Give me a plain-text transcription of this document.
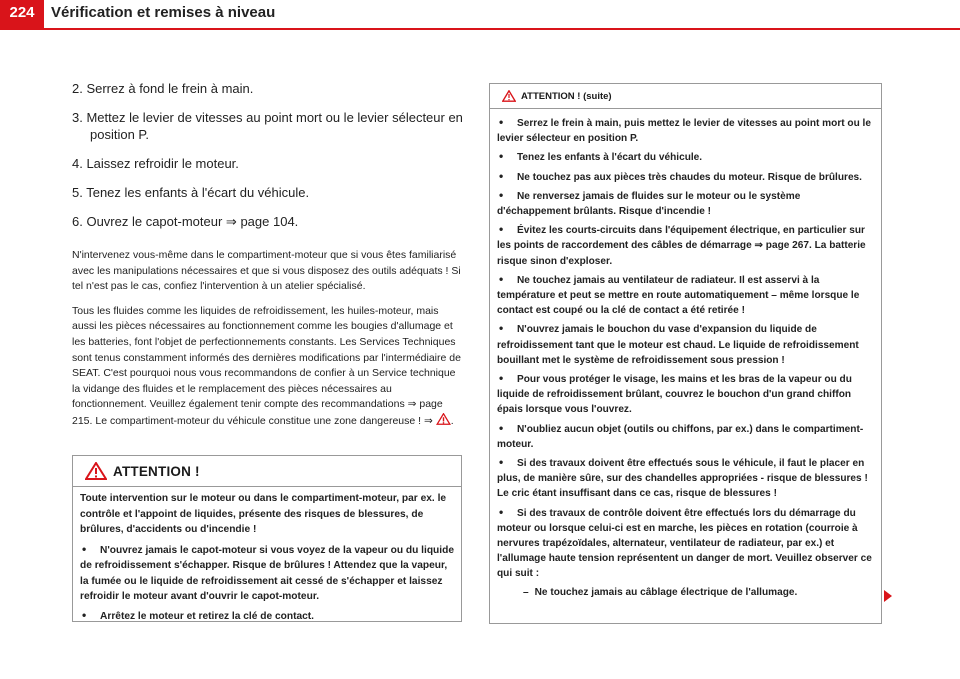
224	Vérification et remises à niveau
2. Serrez à fond le frein à main.
3. Mettez le levier de vitesses au point mort ou le levier sélecteur en position P.
4. Laissez refroidir le moteur.
5. Tenez les enfants à l'écart du véhicule.
6. Ouvrez le capot-moteur ⇒ page 104.

N'intervenez vous-même dans le compartiment-moteur que si vous êtes familiarisé avec les manipulations nécessaires et que si vous disposez des outils adéquats ! Si tel n'est pas le cas, confiez l'intervention à un atelier spécialisé.

Tous les fluides comme les liquides de refroidissement, les huiles-moteur, mais aussi les pièces nécessaires au fonctionnement comme les bougies d'allumage et les batteries, font l'objet de perfectionnements constants. Les Services Techniques sont tenus constamment informés des dernières modifications par l'intermédiaire de SEAT. C'est pourquoi nous vous recommandons de confier à un Service technique la vidange des fluides et le remplacement des pièces nécessaires au fonctionnement. Veuillez également tenir compte des recommandations ⇒ page 215. Le compartiment-moteur du véhicule constitue une zone dangereuse ! ⇒ .

ATTENTION !
Toute intervention sur le moteur ou dans le compartiment-moteur, par ex. le contrôle et l'appoint de liquides, présente des risques de blessures, de brûlures, d'accidents ou d'incendie !
• N'ouvrez jamais le capot-moteur si vous voyez de la vapeur ou du liquide de refroidissement s'échapper. Risque de brûlures ! Attendez que la vapeur, la fumée ou le liquide de refroidissement ait cessé de s'échapper et laissez refroidir le moteur avant d'ouvrir le capot-moteur.
• Arrêtez le moteur et retirez la clé de contact.
ATTENTION ! (suite)
• Serrez le frein à main, puis mettez le levier de vitesses au point mort ou le levier sélecteur en position P.
• Tenez les enfants à l'écart du véhicule.
• Ne touchez pas aux pièces très chaudes du moteur. Risque de brûlures.
• Ne renversez jamais de fluides sur le moteur ou le système d'échappement brûlants. Risque d'incendie !
• Évitez les courts-circuits dans l'équipement électrique, en particulier sur les points de raccordement des câbles de démarrage ⇒ page 267. La batterie risque sinon d'exploser.
• Ne touchez jamais au ventilateur de radiateur. Il est asservi à la température et peut se mettre en route automatiquement – même lorsque le contact est coupé ou la clé de contact a été retirée !
• N'ouvrez jamais le bouchon du vase d'expansion du liquide de refroidissement tant que le moteur est chaud. Le liquide de refroidissement bouillant met le système de refroidissement sous pression !
• Pour vous protéger le visage, les mains et les bras de la vapeur ou du liquide de refroidissement brûlant, couvrez le bouchon d'un grand chiffon épais lorsque vous l'ouvrez.
• N'oubliez aucun objet (outils ou chiffons, par ex.) dans le compartiment-moteur.
• Si des travaux doivent être effectués sous le véhicule, il faut le placer en plus, de manière sûre, sur des chandelles appropriées - risque de blessures ! Le cric étant insuffisant dans ce cas, risque de blessures !
• Si des travaux de contrôle doivent être effectués lors du démarrage du moteur ou lorsque celui-ci est en marche, les pièces en rotation (courroie à nervures trapézoïdales, alternateur, ventilateur de radiateur, par ex.) et l'allumage haute tension représentent un danger de mort. Veuillez observer ce qui suit :
– Ne touchez jamais au câblage électrique de l'allumage.
